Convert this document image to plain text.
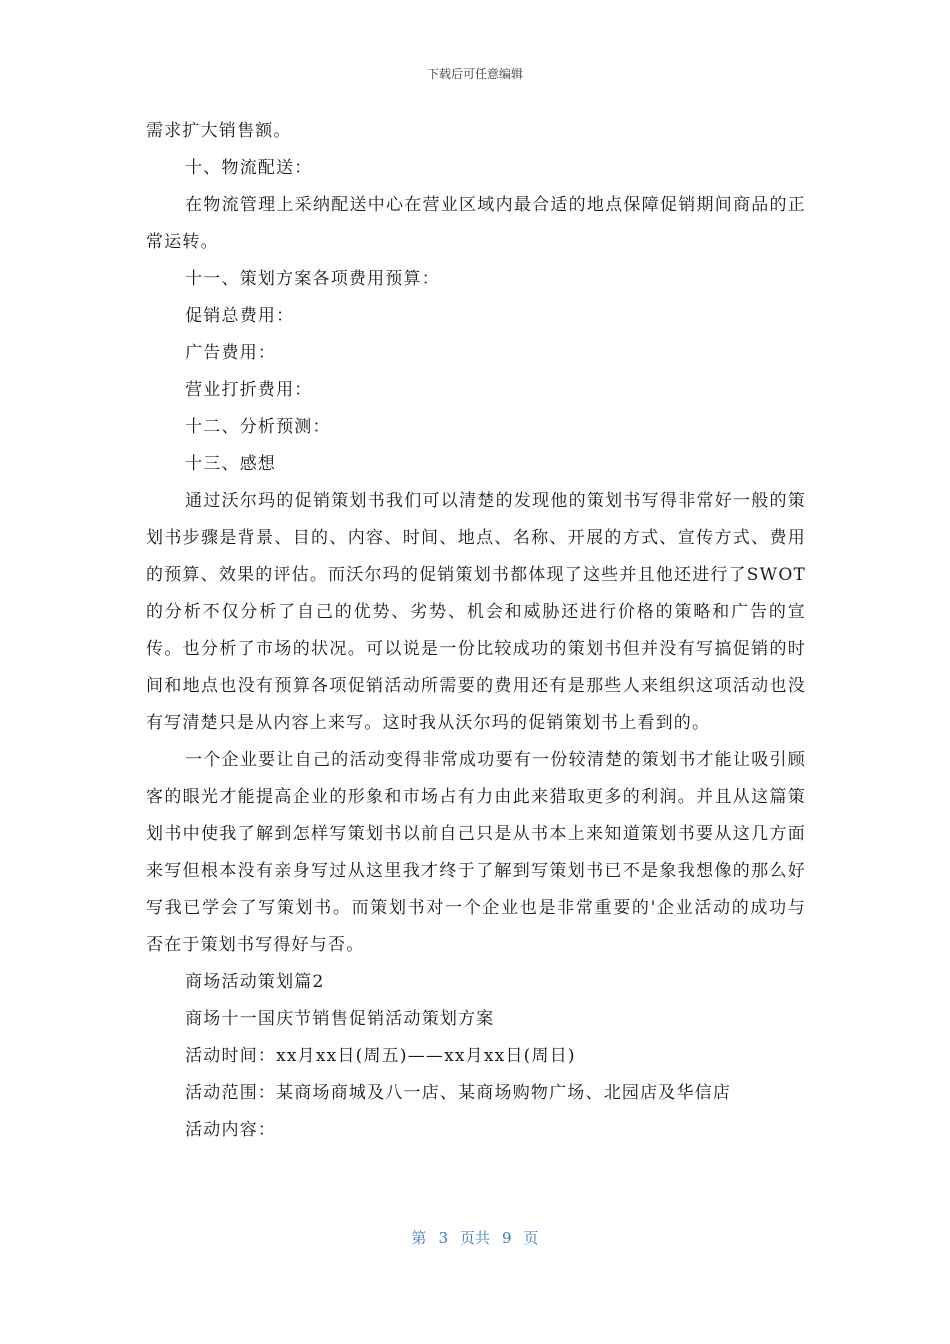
下载后可任意编辑

需求扩大销售额。

十、物流配送：

在物流管理上采纳配送中心在营业区域内最合适的地点保障促销期间商品的正常运转。

十一、策划方案各项费用预算：

促销总费用：

广告费用：

营业打折费用：

十二、分析预测：

十三、感想

通过沃尔玛的促销策划书我们可以清楚的发现他的策划书写得非常好一般的策划书步骤是背景、目的、内容、时间、地点、名称、开展的方式、宣传方式、费用的预算、效果的评估。而沃尔玛的促销策划书都体现了这些并且他还进行了SWOT的分析不仅分析了自己的优势、劣势、机会和威胁还进行价格的策略和广告的宣传。也分析了市场的状况。可以说是一份比较成功的策划书但并没有写搞促销的时间和地点也没有预算各项促销活动所需要的费用还有是那些人来组织这项活动也没有写清楚只是从内容上来写。这时我从沃尔玛的促销策划书上看到的。

一个企业要让自己的活动变得非常成功要有一份较清楚的策划书才能让吸引顾客的眼光才能提高企业的形象和市场占有力由此来猎取更多的利润。并且从这篇策划书中使我了解到怎样写策划书以前自己只是从书本上来知道策划书要从这几方面来写但根本没有亲身写过从这里我才终于了解到写策划书已不是象我想像的那么好写我已学会了写策划书。而策划书对一个企业也是非常重要的'企业活动的成功与否在于策划书写得好与否。

商场活动策划篇2

商场十一国庆节销售促销活动策划方案

活动时间：xx月xx日(周五)——xx月xx日(周日)

活动范围：某商场商城及八一店、某商场购物广场、北园店及华信店

活动内容：

第 3 页共 9 页
